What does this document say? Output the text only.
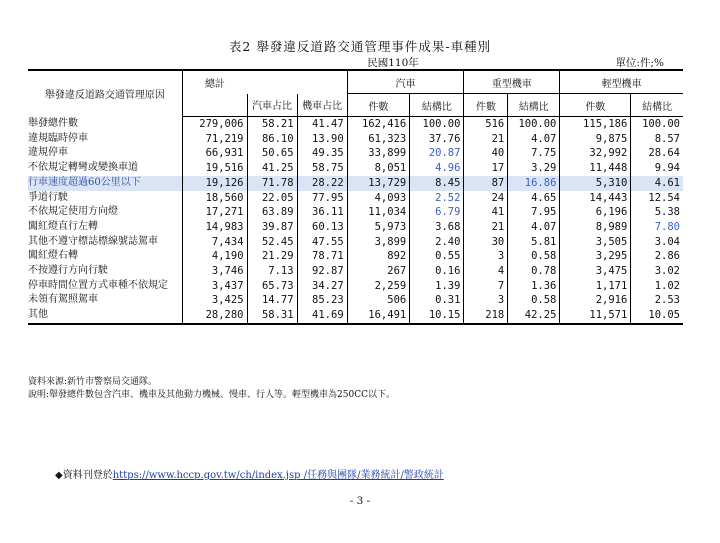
表2 舉發違反道路交通管理事件成果-車種別
民國110年	單位:件;%
舉發違反道路交通管理原因	總計			汽車		重型機車		輕型機車	
		汽車占比	機車占比	件數	結構比	件數	結構比	件數	結構比
舉發總件數	279,006	58.21	41.47	162,416	100.00	516	100.00	115,186	100.00
違規臨時停車	71,219	86.10	13.90	61,323	37.76	21	4.07	9,875	8.57
違規停車	66,931	50.65	49.35	33,899	20.87	40	7.75	32,992	28.64
不依規定轉彎或變換車道	19,516	41.25	58.75	8,051	4.96	17	3.29	11,448	9.94
行車速度超過60公里以下	19,126	71.78	28.22	13,729	8.45	87	16.86	5,310	4.61
爭道行駛	18,560	22.05	77.95	4,093	2.52	24	4.65	14,443	12.54
不依規定使用方向燈	17,271	63.89	36.11	11,034	6.79	41	7.95	6,196	5.38
闖紅燈直行左轉	14,983	39.87	60.13	5,973	3.68	21	4.07	8,989	7.80
其他不遵守標誌標線號誌駕車	7,434	52.45	47.55	3,899	2.40	30	5.81	3,505	3.04
闖紅燈右轉	4,190	21.29	78.71	892	0.55	3	0.58	3,295	2.86
不按遵行方向行駛	3,746	7.13	92.87	267	0.16	4	0.78	3,475	3.02
停車時間位置方式車種不依規定	3,437	65.73	34.27	2,259	1.39	7	1.36	1,171	1.02
未領有駕照駕車	3,425	14.77	85.23	506	0.31	3	0.58	2,916	2.53
其他	28,280	58.31	41.69	16,491	10.15	218	42.25	11,571	10.05
資料來源:新竹市警察局交通隊。
說明:舉發總件數包含汽車、機車及其他動力機械、慢車、行人等。輕型機車為250CC以下。
◆資料刊登於https://www.hccp.gov.tw/ch/index.jsp /任務與團隊/業務統計/警政統計
- 3 -
